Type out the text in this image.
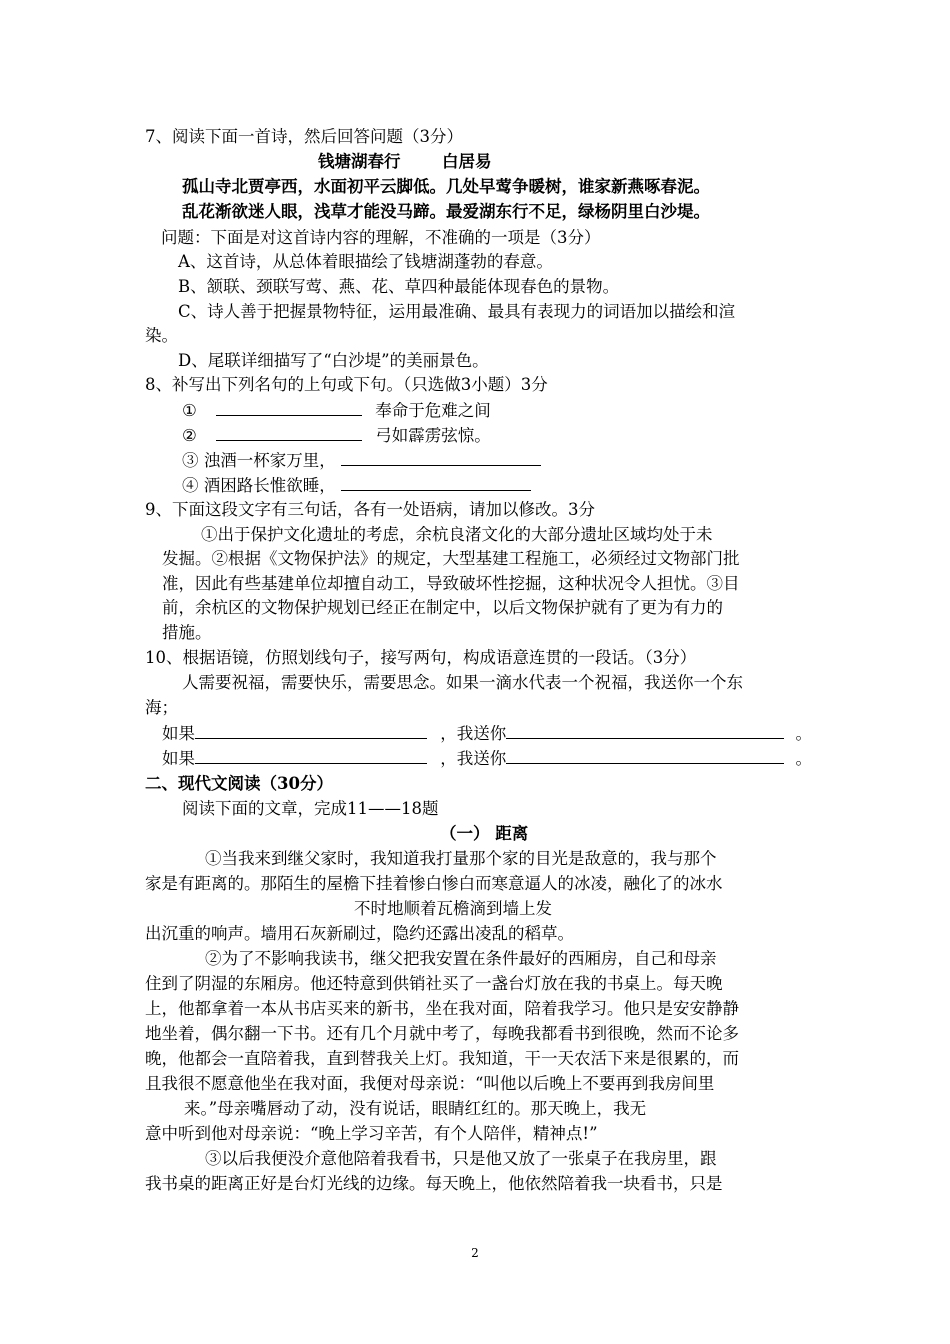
7、阅读下面一首诗，然后回答问题（3分）
钱塘湖春行	白居易
孤山寺北贾亭西，水面初平云脚低。几处早莺争暖树，谁家新燕啄春泥。
乱花渐欲迷人眼，浅草才能没马蹄。最爱湖东行不足，绿杨阴里白沙堤。
问题：下面是对这首诗内容的理解，不准确的一项是（3分）
A、这首诗，从总体着眼描绘了钱塘湖蓬勃的春意。
B、颔联、颈联写莺、燕、花、草四种最能体现春色的景物。
C、诗人善于把握景物特征，运用最准确、最具有表现力的词语加以描绘和渲
染。
D、尾联详细描写了“白沙堤”的美丽景色。
8、补写出下列名句的上句或下句。（只选做3小题）3分
①	奉命于危难之间
②	弓如霹雳弦惊。
③ 浊酒一杯家万里，
④ 酒困路长惟欲睡，
9、下面这段文字有三句话，各有一处语病，请加以修改。3分
①出于保护文化遗址的考虑，余杭良渚文化的大部分遗址区域均处于未
发掘。②根据《文物保护法》的规定，大型基建工程施工，必须经过文物部门批
准，因此有些基建单位却擅自动工，导致破坏性挖掘，这种状况令人担忧。③目
前，余杭区的文物保护规划已经正在制定中，以后文物保护就有了更为有力的
措施。
10、根据语镜，仿照划线句子，接写两句，构成语意连贯的一段话。（3分）
人需要祝福，需要快乐，需要思念。如果一滴水代表一个祝福，我送你一个东
海；
如果	，我送你	。
如果	，我送你	。
二、现代文阅读（30分）
阅读下面的文章，完成11——18题
（一） 距离
①当我来到继父家时，我知道我打量那个家的目光是敌意的，我与那个
家是有距离的。那陌生的屋檐下挂着惨白惨白而寒意逼人的冰凌，融化了的冰水
不时地顺着瓦檐滴到墙上发
出沉重的响声。墙用石灰新刷过，隐约还露出凌乱的稻草。
②为了不影响我读书，继父把我安置在条件最好的西厢房，自己和母亲
住到了阴湿的东厢房。他还特意到供销社买了一盏台灯放在我的书桌上。每天晚
上，他都拿着一本从书店买来的新书，坐在我对面，陪着我学习。他只是安安静静
地坐着，偶尔翻一下书。还有几个月就中考了，每晚我都看书到很晚，然而不论多
晚，他都会一直陪着我，直到替我关上灯。我知道，干一天农活下来是很累的，而
且我很不愿意他坐在我对面，我便对母亲说：“叫他以后晚上不要再到我房间里
来。”母亲嘴唇动了动，没有说话，眼睛红红的。那天晚上，我无
意中听到他对母亲说：“晚上学习辛苦，有个人陪伴，精神点!”
③以后我便没介意他陪着我看书，只是他又放了一张桌子在我房里，跟
我书桌的距离正好是台灯光线的边缘。每天晚上，他依然陪着我一块看书，只是
2
